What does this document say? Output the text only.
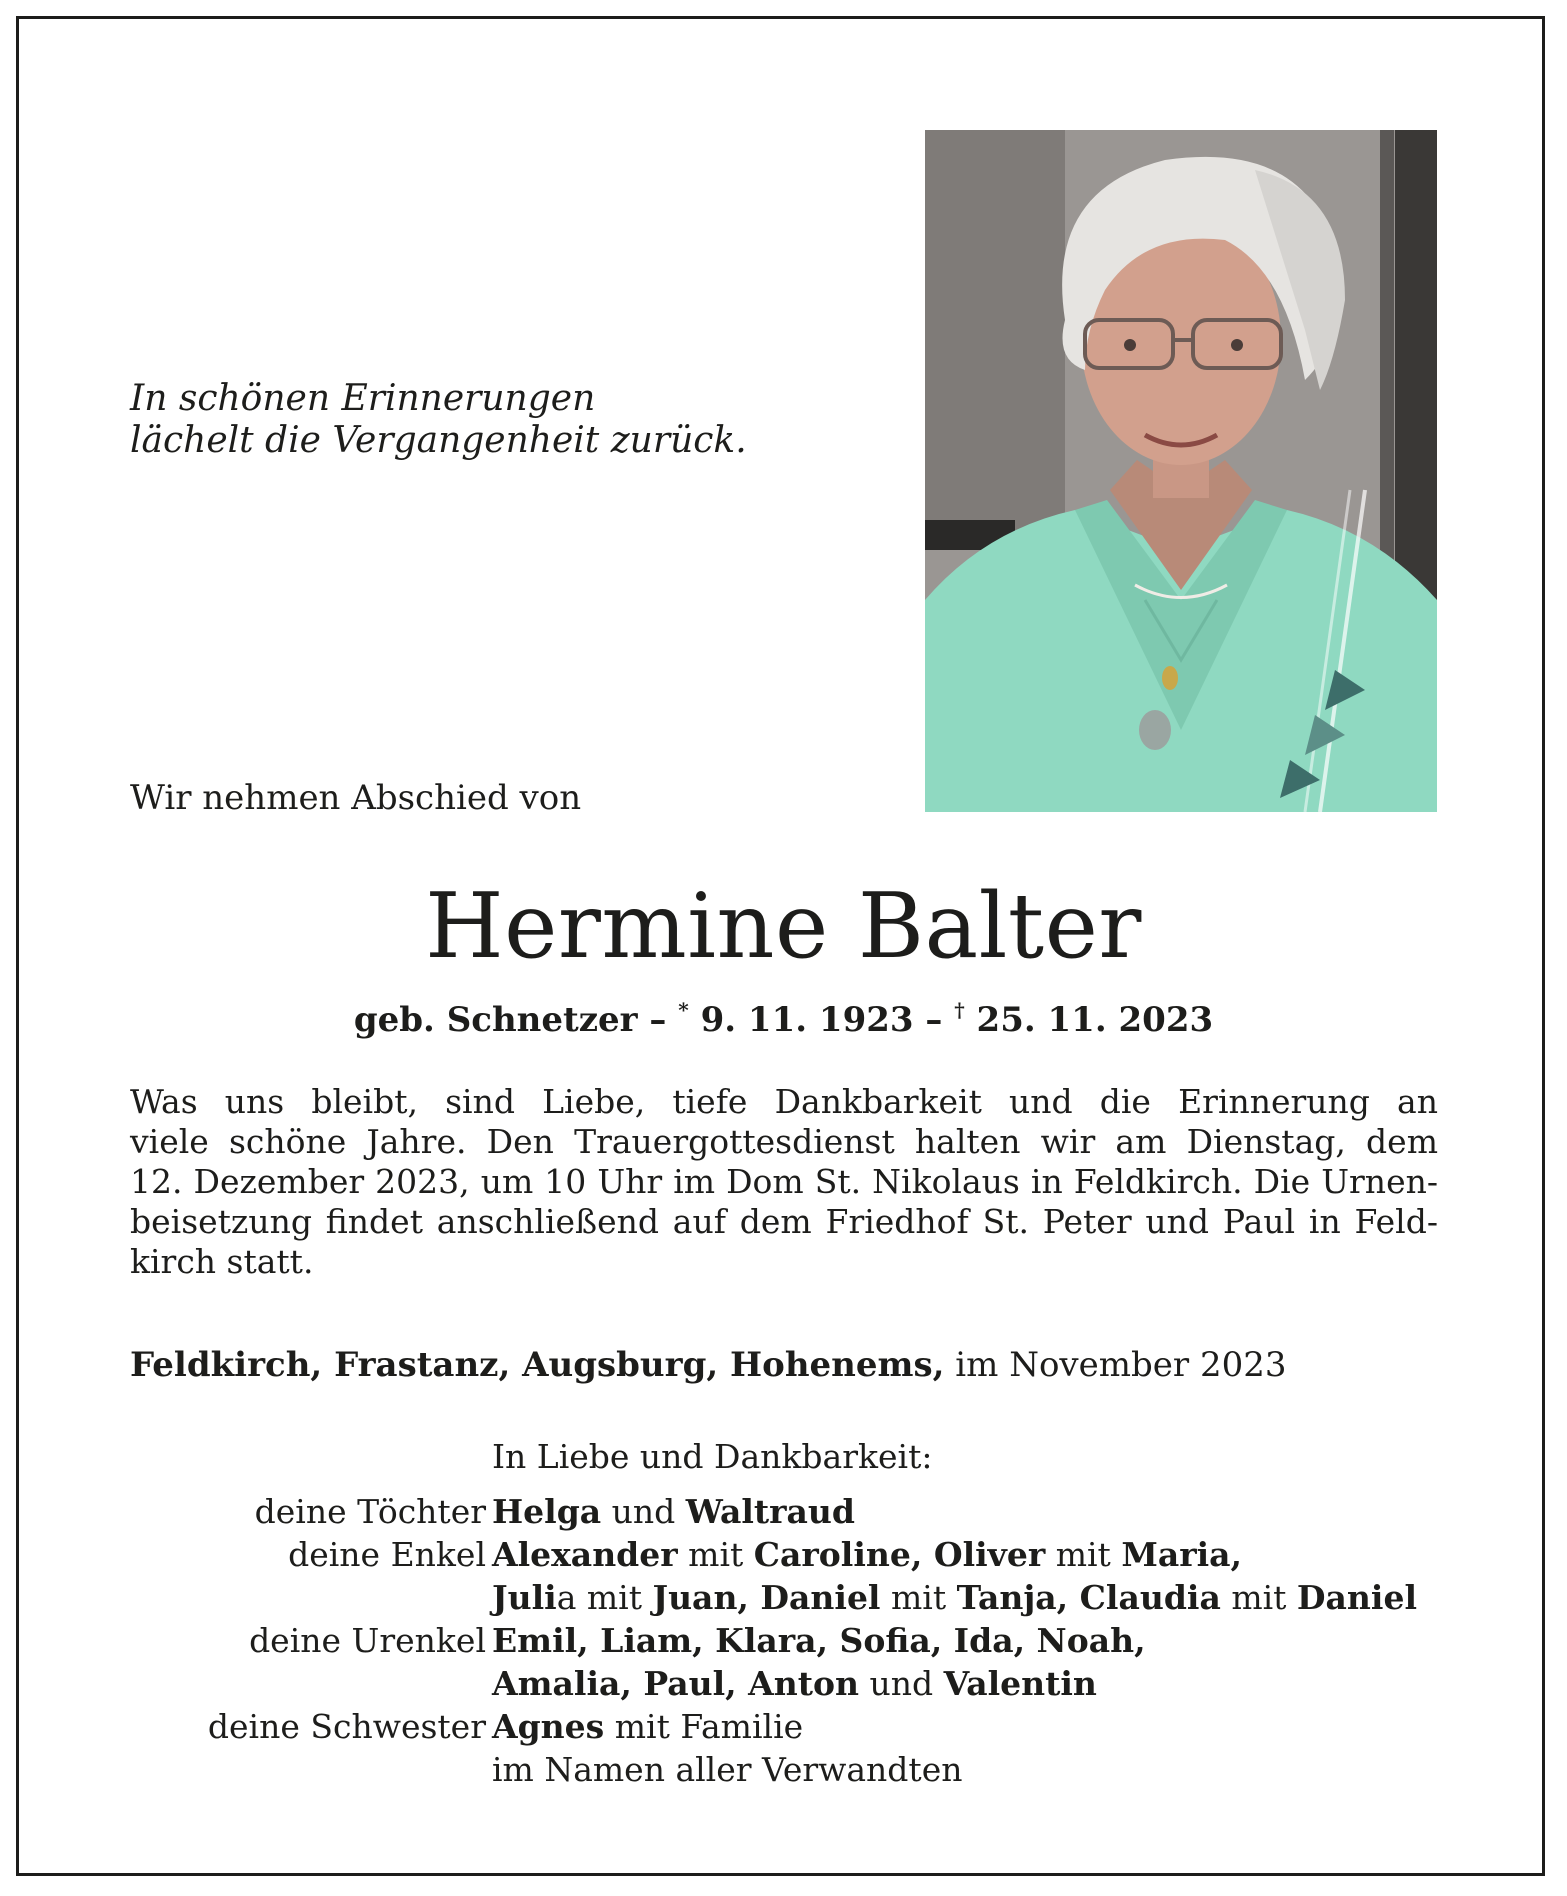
In schönen Erinnerungen
lächelt die Vergangenheit zurück.
Wir nehmen Abschied von
Hermine Balter
geb. Schnetzer – * 9. 11. 1923 – † 25. 11. 2023
Was uns bleibt, sind Liebe, tiefe Dankbarkeit und die Erinnerung an
viele schöne Jahre. Den Trauergottesdienst halten wir am Dienstag, dem
12. Dezember 2023, um 10 Uhr im Dom St. Nikolaus in Feldkirch. Die Urnen-
beisetzung findet anschließend auf dem Friedhof St. Peter und Paul in Feld-
kirch statt.
Feldkirch, Frastanz, Augsburg, Hohenems, im November 2023
In Liebe und Dankbarkeit:
deine Töchter Helga und Waltraud
deine Enkel Alexander mit Caroline, Oliver mit Maria,
Julia mit Juan, Daniel mit Tanja, Claudia mit Daniel
deine Urenkel Emil, Liam, Klara, Sofia, Ida, Noah,
Amalia, Paul, Anton und Valentin
deine Schwester Agnes mit Familie
im Namen aller Verwandten
